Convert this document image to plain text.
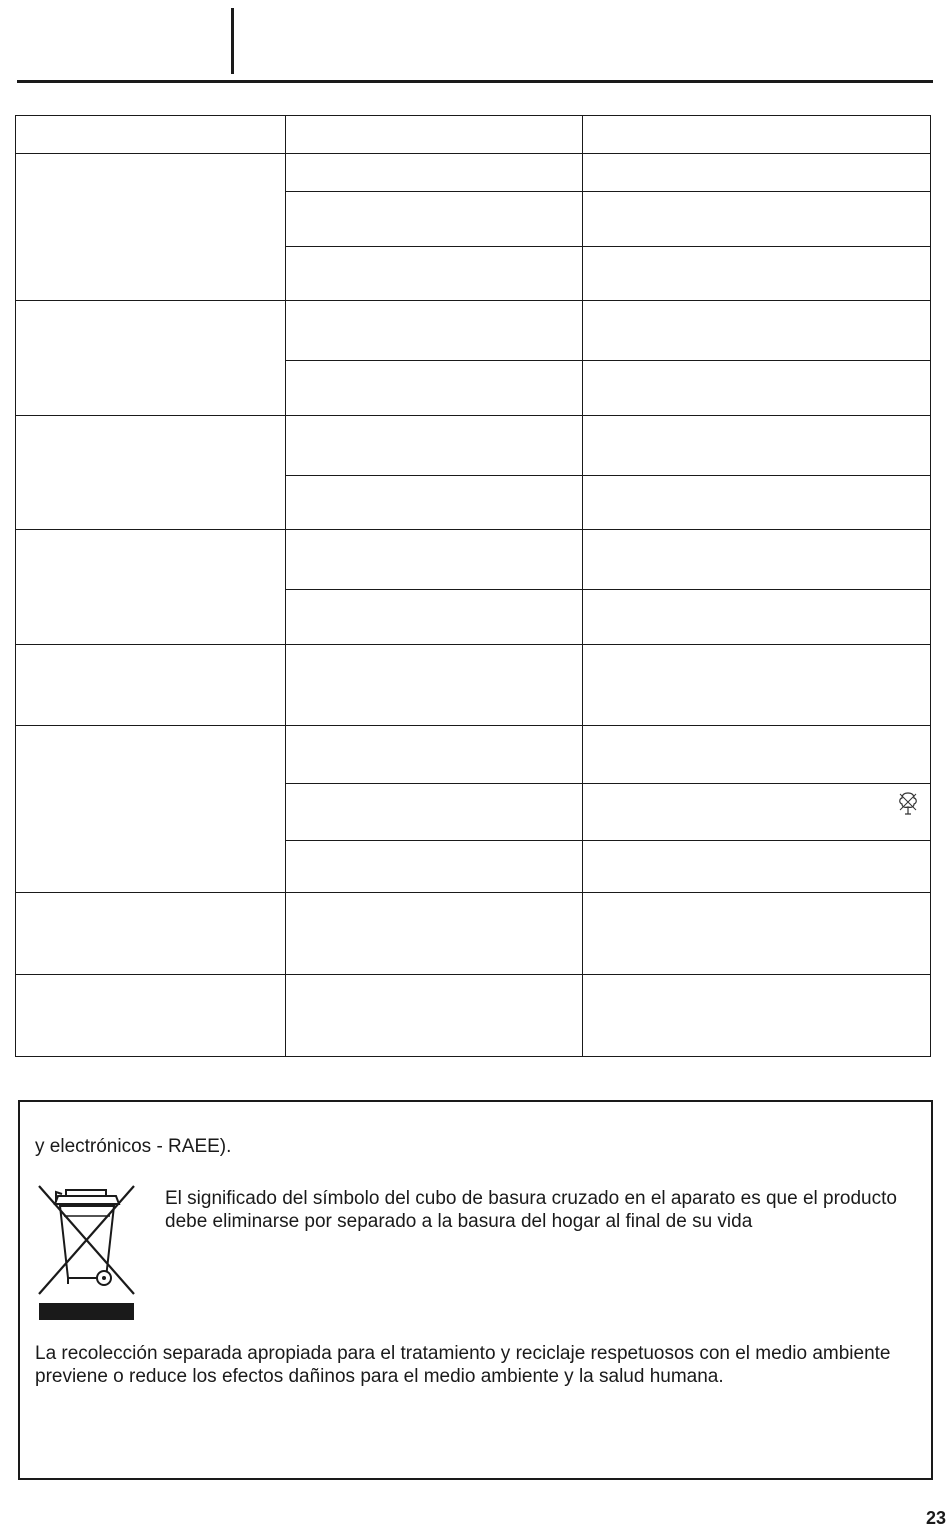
y electrónicos - RAEE).

El significado del símbolo del cubo de basura cruzado en el aparato es que el producto debe eliminarse por separado a la basura del hogar al final de su vida

La recolección separada apropiada para el tratamiento y reciclaje respetuosos con el medio ambiente previene o reduce los efectos dañinos para el medio ambiente y la salud humana.

23
